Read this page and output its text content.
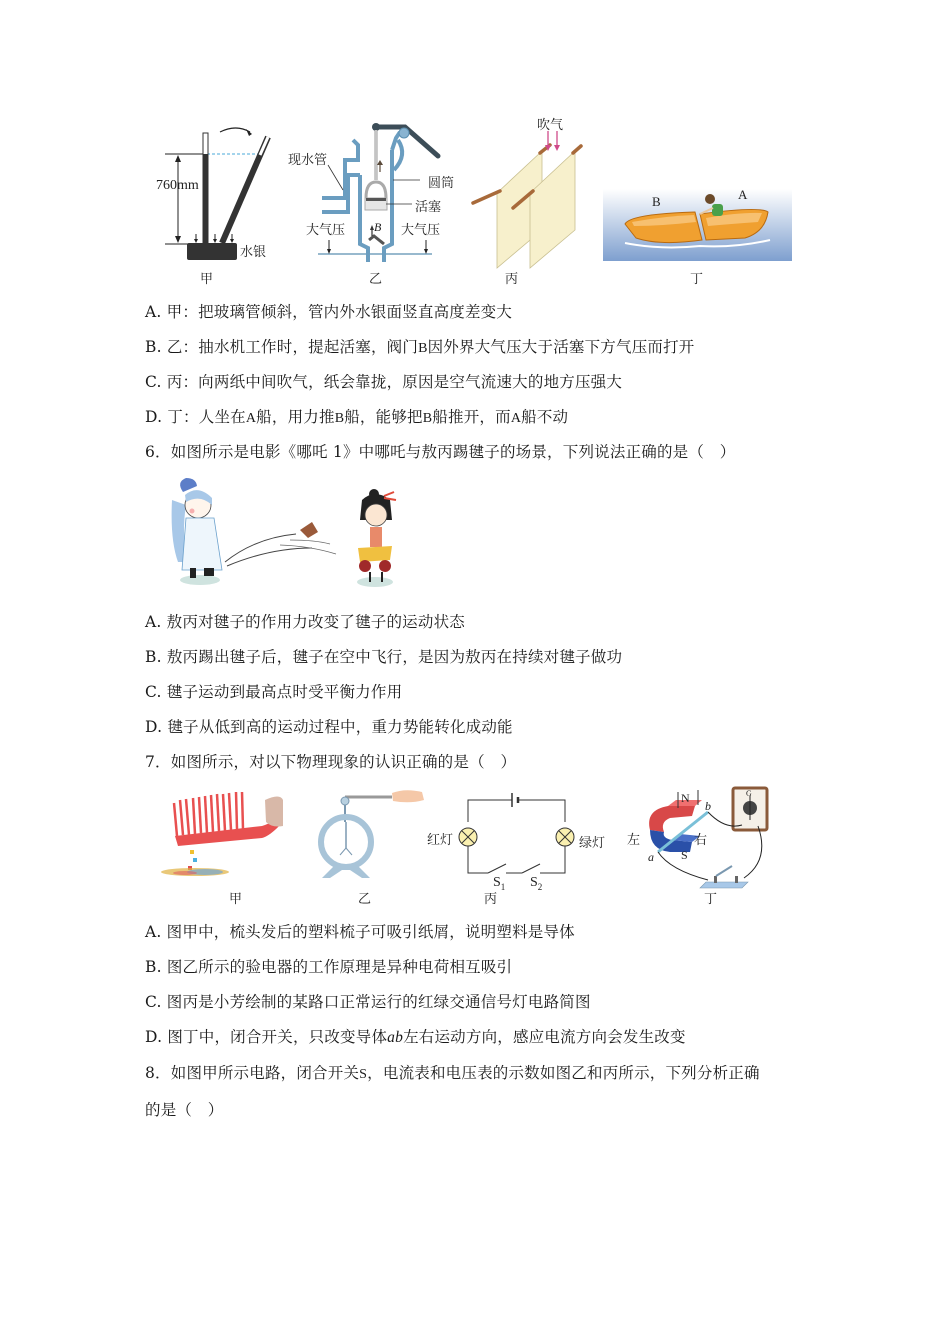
760mm
水银
甲
现水管
圆筒
活塞
大气压	大气压
B
乙
吹气
丙
B	A
丁
A. 甲：把玻璃管倾斜，管内外水银面竖直高度差变大
B. 乙：抽水机工作时，提起活塞，阀门B因外界大气压大于活塞下方气压而打开
C. 丙：向两纸中间吹气，纸会靠拢，原因是空气流速大的地方压强大
D. 丁：人坐在A船，用力推B船，能够把B船推开，而A船不动
6．如图所示是电影《哪吒 1》中哪吒与敖丙踢毽子的场景，下列说法正确的是（　）
A. 敖丙对毽子的作用力改变了毽子的运动状态
B. 敖丙踢出毽子后，毽子在空中飞行，是因为敖丙在持续对毽子做功
C. 毽子运动到最高点时受平衡力作用
D. 毽子从低到高的运动过程中，重力势能转化成动能
7．如图所示，对以下物理现象的认识正确的是（　）
甲	乙
红灯	绿灯
$S_1$ $S_2$
丙
N
S
左	右
a
b
G
丁
A. 图甲中，梳头发后的塑料梳子可吸引纸屑，说明塑料是导体
B. 图乙所示的验电器的工作原理是异种电荷相互吸引
C. 图丙是小芳绘制的某路口正常运行的红绿交通信号灯电路简图
D. 图丁中，闭合开关，只改变导体ab左右运动方向，感应电流方向会发生改变
8．如图甲所示电路，闭合开关S，电流表和电压表的示数如图乙和丙所示，下列分析正确
的是（　）
